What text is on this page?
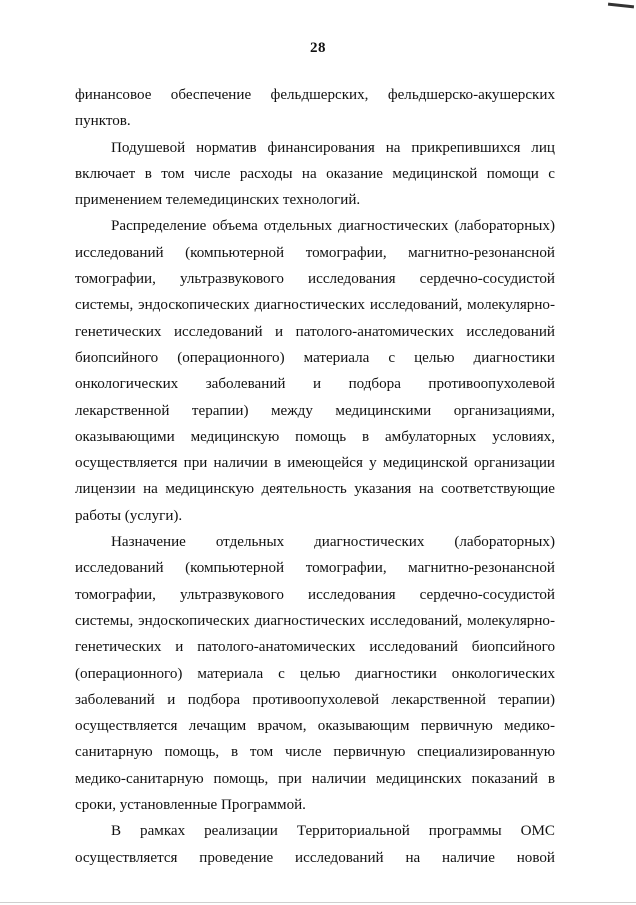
28

финансовое обеспечение фельдшерских, фельдшерско-акушерских пунктов.

Подушевой норматив финансирования на прикрепившихся лиц включает в том числе расходы на оказание медицинской помощи с применением телемедицинских технологий.

Распределение объема отдельных диагностических (лабораторных) исследований (компьютерной томографии, магнитно-резонансной томографии, ультразвукового исследования сердечно-сосудистой системы, эндоскопических диагностических исследований, молекулярно-генетических исследований и патолого-анатомических исследований биопсийного (операционного) материала с целью диагностики онкологических заболеваний и подбора противоопухолевой лекарственной терапии) между медицинскими организациями, оказывающими медицинскую помощь в амбулаторных условиях, осуществляется при наличии в имеющейся у медицинской организации лицензии на медицинскую деятельность указания на соответствующие работы (услуги).

Назначение отдельных диагностических (лабораторных) исследований (компьютерной томографии, магнитно-резонансной томографии, ультразвукового исследования сердечно-сосудистой системы, эндоскопических диагностических исследований, молекулярно-генетических и патолого-анатомических исследований биопсийного (операционного) материала с целью диагностики онкологических заболеваний и подбора противоопухолевой лекарственной терапии) осуществляется лечащим врачом, оказывающим первичную медико-санитарную помощь, в том числе первичную специализированную медико-санитарную помощь, при наличии медицинских показаний в сроки, установленные Программой.

В рамках реализации Территориальной программы ОМС осуществляется проведение исследований на наличие новой
